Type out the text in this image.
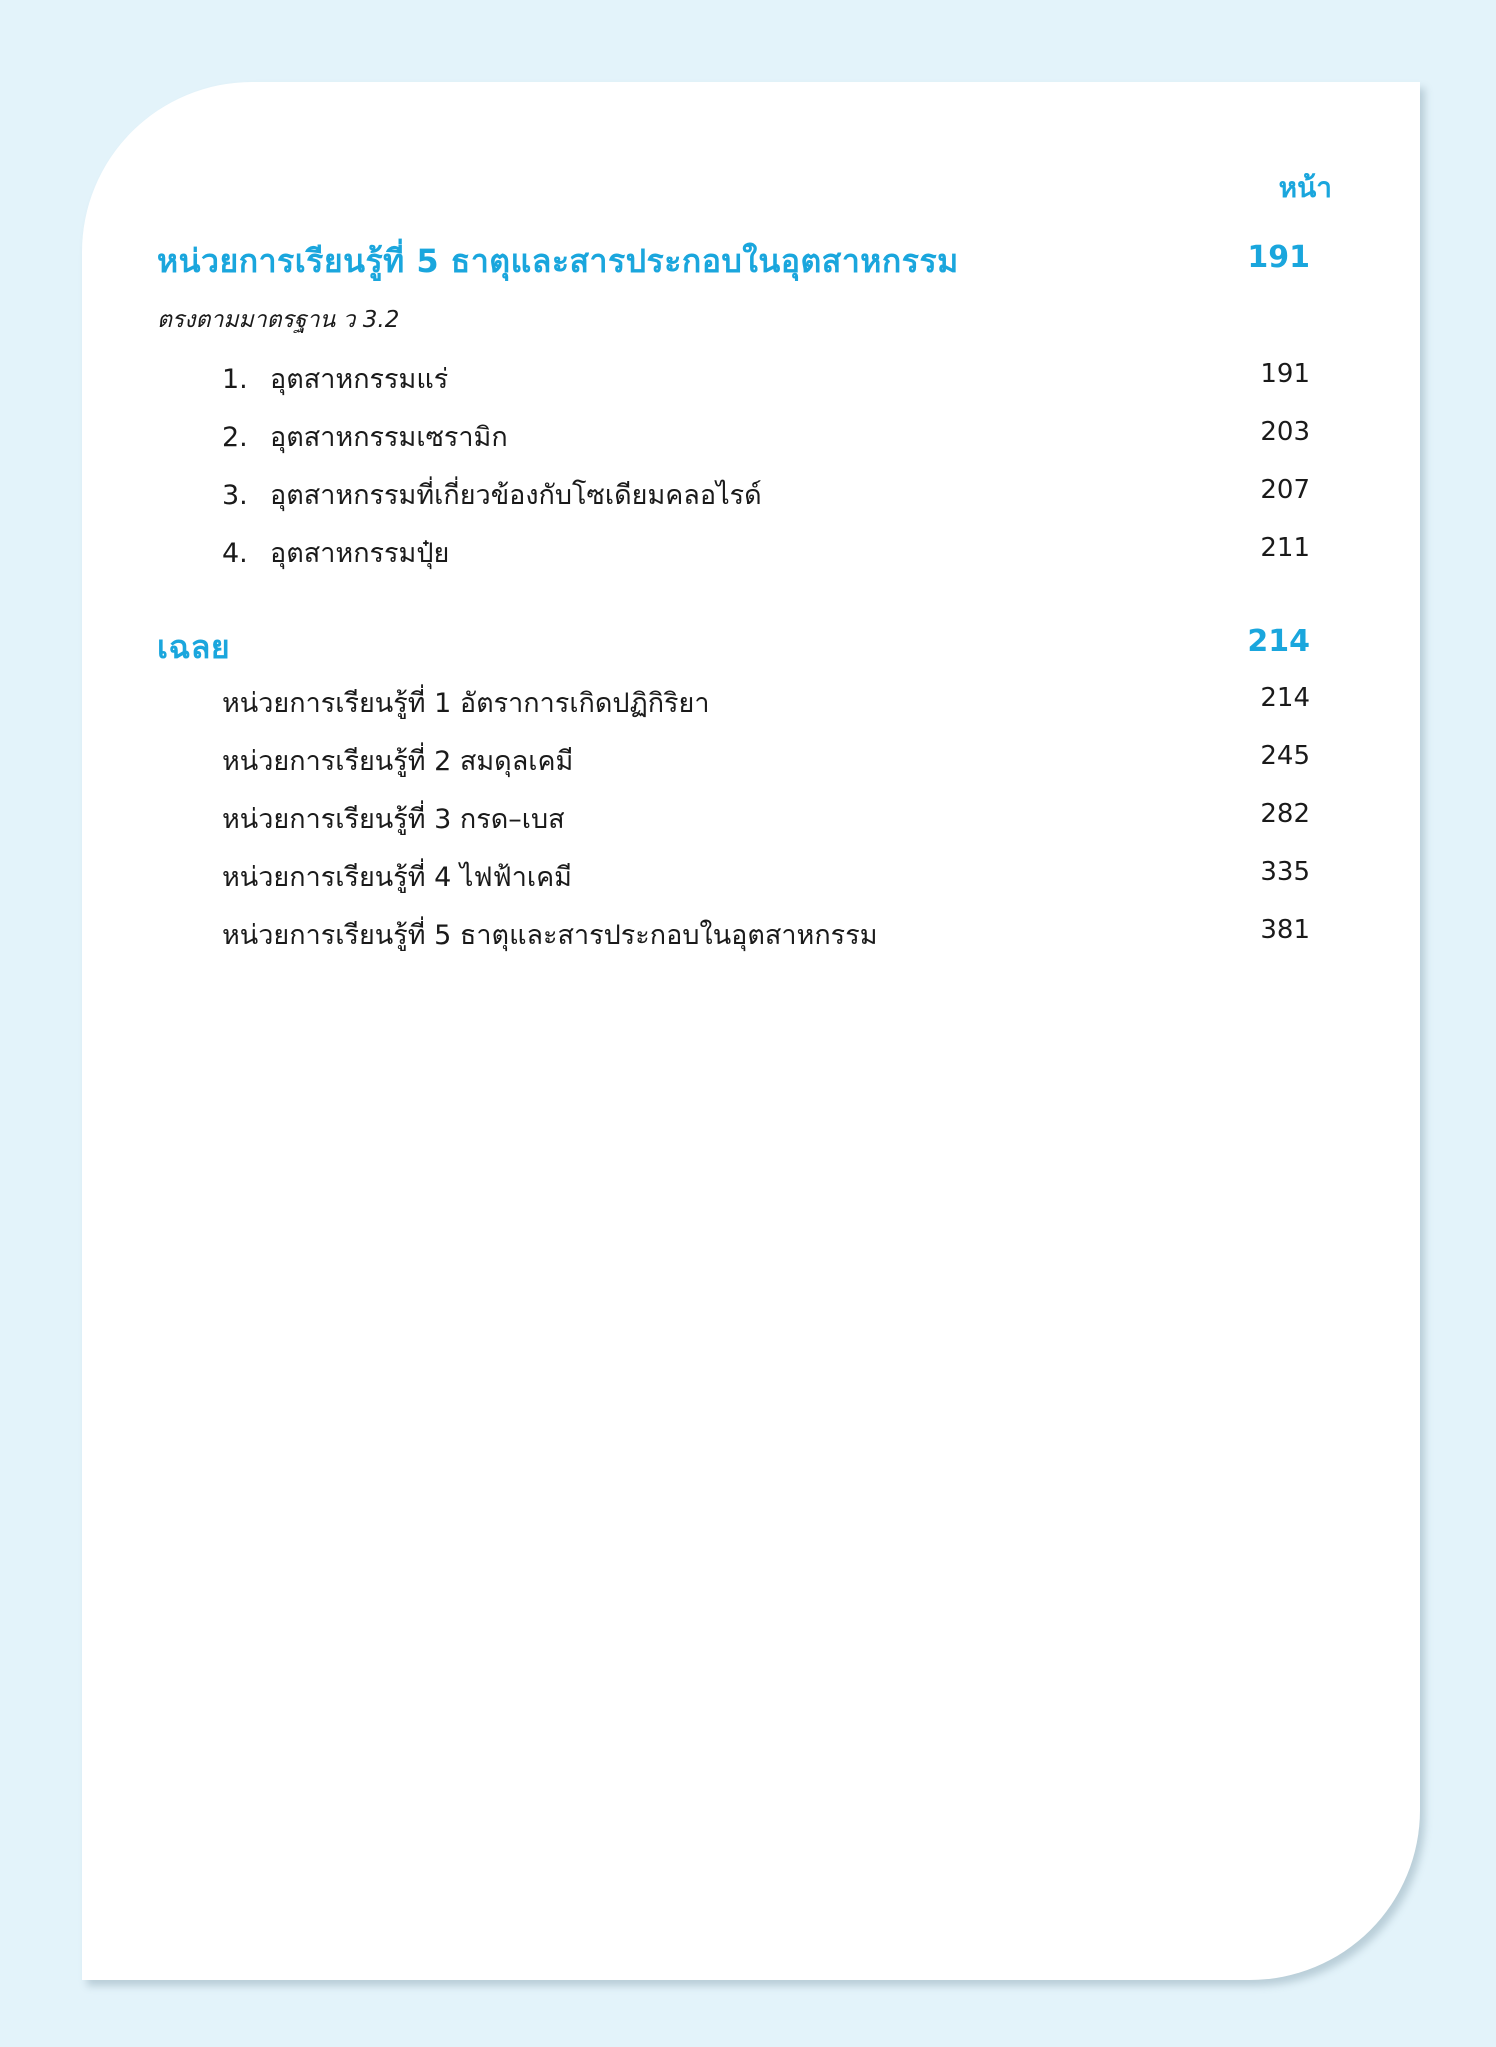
หน้า
หน่วยการเรียนรู้ที่ 5 ธาตุและสารประกอบในอุตสาหกรรม	191
ตรงตามมาตรฐาน ว 3.2
1. อุตสาหกรรมแร่	191
2. อุตสาหกรรมเซรามิก	203
3. อุตสาหกรรมที่เกี่ยวข้องกับโซเดียมคลอไรด์	207
4. อุตสาหกรรมปุ๋ย	211
เฉลย	214
หน่วยการเรียนรู้ที่ 1 อัตราการเกิดปฏิกิริยา	214
หน่วยการเรียนรู้ที่ 2 สมดุลเคมี	245
หน่วยการเรียนรู้ที่ 3 กรด–เบส	282
หน่วยการเรียนรู้ที่ 4 ไฟฟ้าเคมี	335
หน่วยการเรียนรู้ที่ 5 ธาตุและสารประกอบในอุตสาหกรรม	381
